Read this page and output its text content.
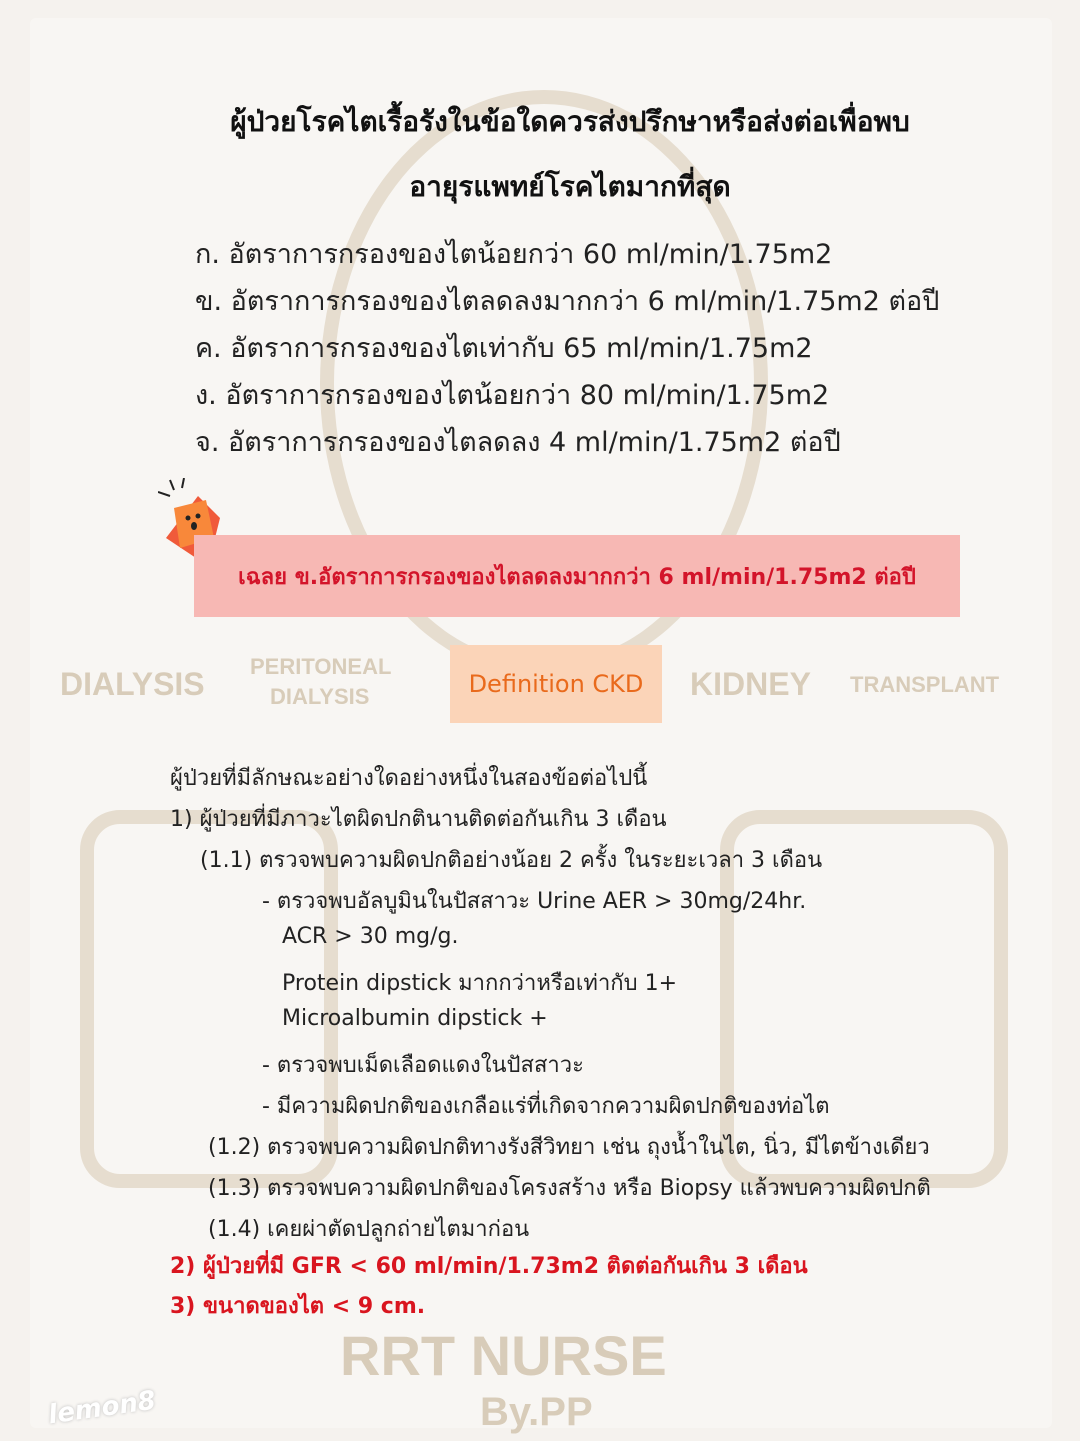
DIALYSIS PERITONEAL
DIALYSIS	KIDNEY TRANSPLANT
RRT NURSE
By.PP
lemon8
ผู้ป่วยโรคไตเรื้อรังในข้อใดควรส่งปรึกษาหรือส่งต่อเพื่อพบ
อายุรแพทย์โรคไตมากที่สุด
ก. อัตราการกรองของไตน้อยกว่า 60 ml/min/1.75m2
ข. อัตราการกรองของไตลดลงมากกว่า 6 ml/min/1.75m2 ต่อปี
ค. อัตราการกรองของไตเท่ากับ 65 ml/min/1.75m2
ง. อัตราการกรองของไตน้อยกว่า 80 ml/min/1.75m2
จ. อัตราการกรองของไตลดลง 4 ml/min/1.75m2 ต่อปี
เฉลย ข.อัตราการกรองของไตลดลงมากกว่า 6 ml/min/1.75m2 ต่อปี
Definition CKD
ผู้ป่วยที่มีลักษณะอย่างใดอย่างหนึ่งในสองข้อต่อไปนี้
1) ผู้ป่วยที่มีภาวะไตผิดปกตินานติดต่อกันเกิน 3 เดือน
(1.1) ตรวจพบความผิดปกติอย่างน้อย 2 ครั้ง ในระยะเวลา 3 เดือน
- ตรวจพบอัลบูมินในปัสสาวะ Urine AER > 30mg/24hr.
ACR > 30 mg/g.
Protein dipstick มากกว่าหรือเท่ากับ 1+
Microalbumin dipstick +
- ตรวจพบเม็ดเลือดแดงในปัสสาวะ
- มีความผิดปกติของเกลือแร่ที่เกิดจากความผิดปกติของท่อไต
(1.2) ตรวจพบความผิดปกติทางรังสีวิทยา เช่น ถุงน้ำในไต, นิ่ว, มีไตข้างเดียว
(1.3) ตรวจพบความผิดปกติของโครงสร้าง หรือ Biopsy แล้วพบความผิดปกติ
(1.4) เคยผ่าตัดปลูกถ่ายไตมาก่อน
2) ผู้ป่วยที่มี GFR < 60 ml/min/1.73m2 ติดต่อกันเกิน 3 เดือน
3) ขนาดของไต < 9 cm.
